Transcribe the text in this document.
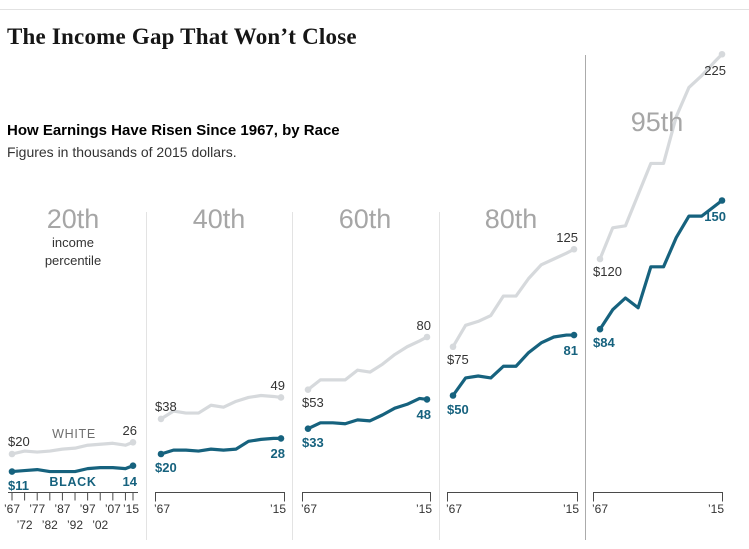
The Income Gap That Won’t Close
How Earnings Have Risen Since 1967, by Race
Figures in thousands of 2015 dollars.
20th
income
percentile
WHITE
BLACK
$20
26
$11	14
’67 ’77 ’87 ’97 ’07 ’15
’72 ’82 ’92 ’02
40th
$38
49
$20
28
’67	’15
60th
$53
80
$33
48
’67	’15
80th
$75
125
$50
81
’67	’15
95th
$120
225
$84
150
’67	’15
